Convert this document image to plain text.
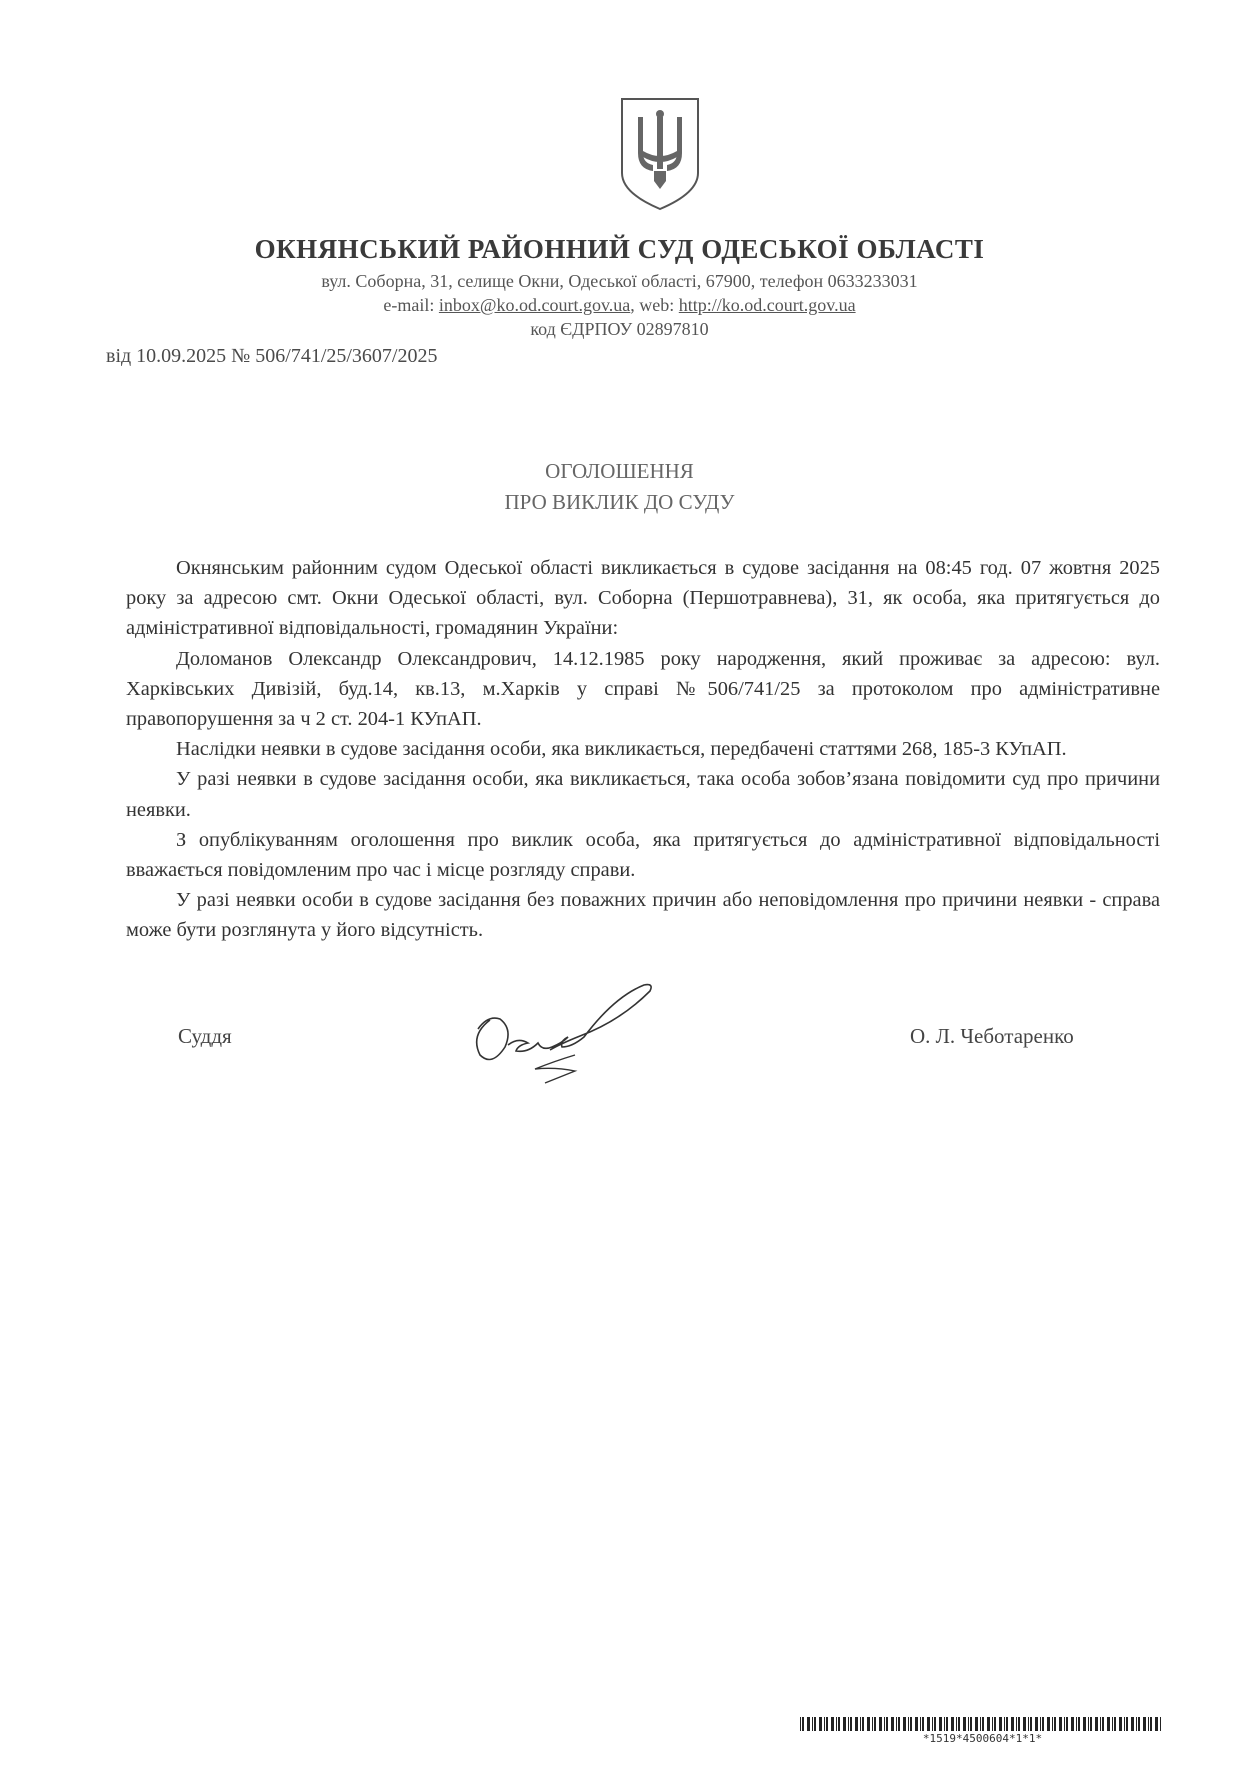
ОКНЯНСЬКИЙ РАЙОННИЙ СУД ОДЕСЬКОЇ ОБЛАСТІ
вул. Соборна, 31, селище Окни, Одеської області, 67900, телефон 0633233031
e-mail: inbox@ko.od.court.gov.ua, web: http://ko.od.court.gov.ua
код ЄДРПОУ 02897810
від 10.09.2025 № 506/741/25/3607/2025
ОГОЛОШЕННЯ
ПРО ВИКЛИК ДО СУДУ

Окнянським районним судом Одеської області викликається в судове засідання на 08:45 год. 07 жовтня 2025 року за адресою смт. Окни Одеської області, вул. Соборна (Першотравнева), 31, як особа, яка притягується до адміністративної відповідальності, громадянин України:

Доломанов Олександр Олександрович, 14.12.1985 року народження, який проживає за адресою: вул. Харківських Дивізій, буд.14, кв.13, м.Харків у справі №506/741/25 за протоколом про адміністративне правопорушення за ч 2 ст. 204-1 КУпАП.

Наслідки неявки в судове засідання особи, яка викликається, передбачені статтями 268, 185-3 КУпАП.

У разі неявки в судове засідання особи, яка викликається, така особа зобов’язана повідомити суд про причини неявки.

З опублікуванням оголошення про виклик особа, яка притягується до адміністративної відповідальності вважається повідомленим про час і місце розгляду справи.

У разі неявки особи в судове засідання без поважних причин або неповідомлення про причини неявки - справа може бути розглянута у його відсутність.

Суддя	О. Л. Чеботаренко
*1519*4500604*1*1*
